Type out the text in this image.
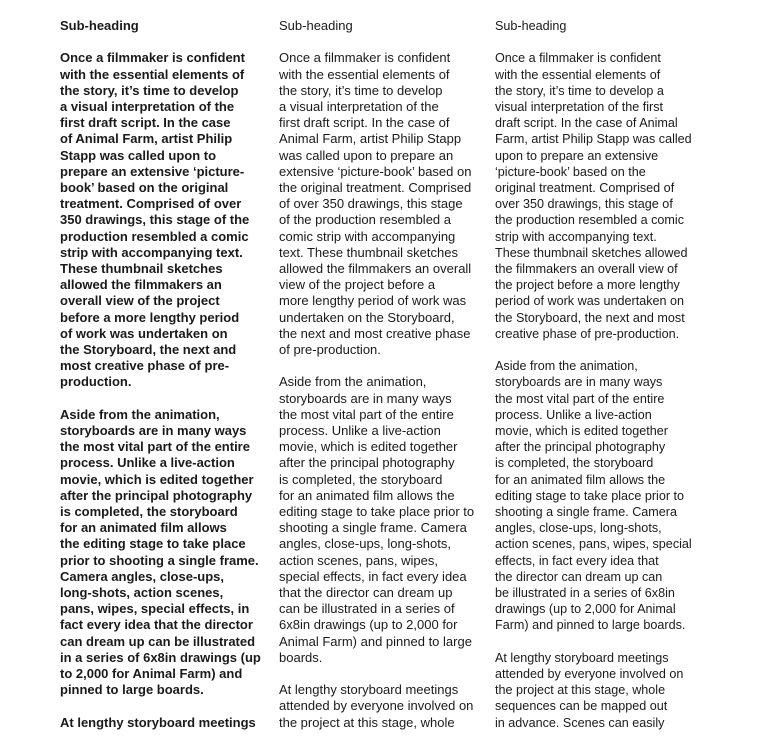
Sub-heading
Once a filmmaker is confident
with the essential elements of
the story, it’s time to develop
a visual interpretation of the
first draft script. In the case
of Animal Farm, artist Philip
Stapp was called upon to
prepare an extensive ‘picture-
book’ based on the original
treatment. Comprised of over
350 drawings, this stage of the
production resembled a comic
strip with accompanying text.
These thumbnail sketches
allowed the filmmakers an
overall view of the project
before a more lengthy period
of work was undertaken on
the Storyboard, the next and
most creative phase of pre-
production.
Aside from the animation,
storyboards are in many ways
the most vital part of the entire
process. Unlike a live-action
movie, which is edited together
after the principal photography
is completed, the storyboard
for an animated film allows
the editing stage to take place
prior to shooting a single frame.
Camera angles, close-ups,
long-shots, action scenes,
pans, wipes, special effects, in
fact every idea that the director
can dream up can be illustrated
in a series of 6x8in drawings (up
to 2,000 for Animal Farm) and
pinned to large boards.
At lengthy storyboard meetings
Sub-heading
Once a filmmaker is confident
with the essential elements of
the story, it’s time to develop
a visual interpretation of the
first draft script. In the case of
Animal Farm, artist Philip Stapp
was called upon to prepare an
extensive ‘picture-book’ based on
the original treatment. Comprised
of over 350 drawings, this stage
of the production resembled a
comic strip with accompanying
text. These thumbnail sketches
allowed the filmmakers an overall
view of the project before a
more lengthy period of work was
undertaken on the Storyboard,
the next and most creative phase
of pre-production.
Aside from the animation,
storyboards are in many ways
the most vital part of the entire
process. Unlike a live-action
movie, which is edited together
after the principal photography
is completed, the storyboard
for an animated film allows the
editing stage to take place prior to
shooting a single frame. Camera
angles, close-ups, long-shots,
action scenes, pans, wipes,
special effects, in fact every idea
that the director can dream up
can be illustrated in a series of
6x8in drawings (up to 2,000 for
Animal Farm) and pinned to large
boards.
At lengthy storyboard meetings
attended by everyone involved on
the project at this stage, whole
Sub-heading
Once a filmmaker is confident
with the essential elements of
the story, it’s time to develop a
visual interpretation of the first
draft script. In the case of Animal
Farm, artist Philip Stapp was called
upon to prepare an extensive
‘picture-book’ based on the
original treatment. Comprised of
over 350 drawings, this stage of
the production resembled a comic
strip with accompanying text.
These thumbnail sketches allowed
the filmmakers an overall view of
the project before a more lengthy
period of work was undertaken on
the Storyboard, the next and most
creative phase of pre-production.
Aside from the animation,
storyboards are in many ways
the most vital part of the entire
process. Unlike a live-action
movie, which is edited together
after the principal photography
is completed, the storyboard
for an animated film allows the
editing stage to take place prior to
shooting a single frame. Camera
angles, close-ups, long-shots,
action scenes, pans, wipes, special
effects, in fact every idea that
the director can dream up can
be illustrated in a series of 6x8in
drawings (up to 2,000 for Animal
Farm) and pinned to large boards.
At lengthy storyboard meetings
attended by everyone involved on
the project at this stage, whole
sequences can be mapped out
in advance. Scenes can easily
